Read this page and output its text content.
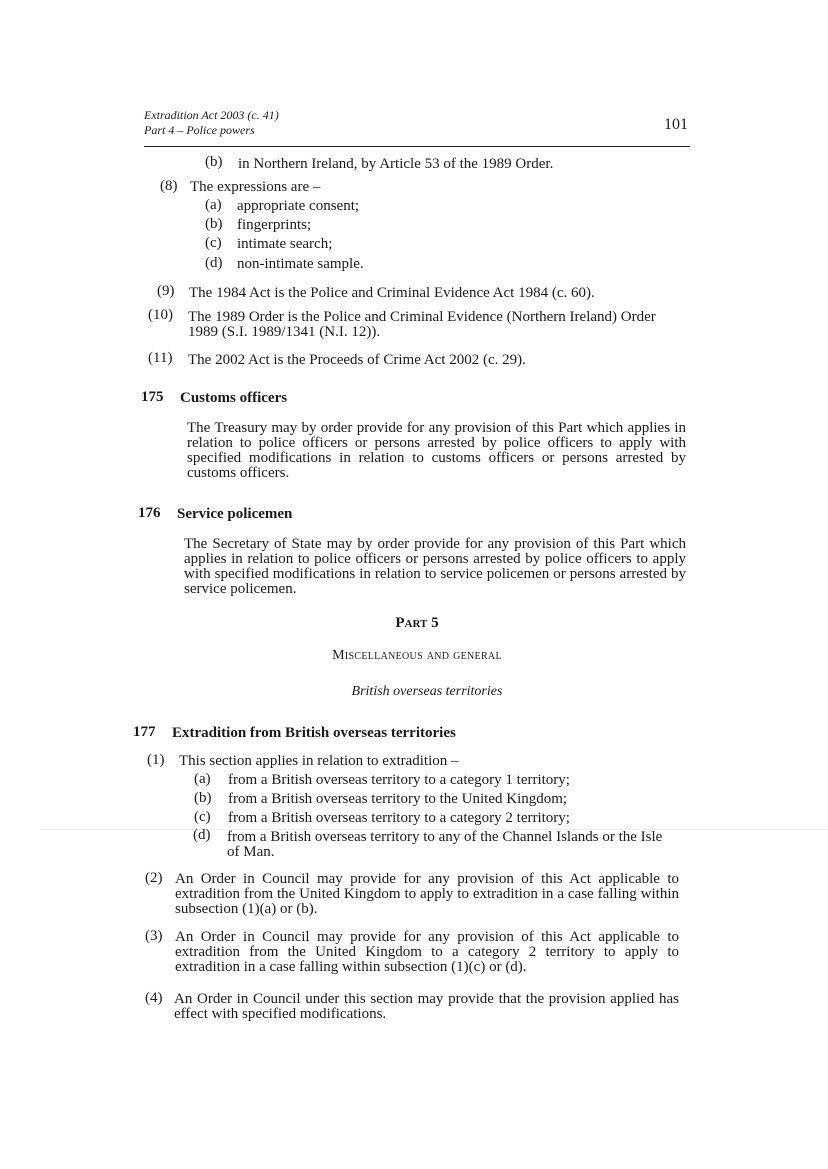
Extradition Act 2003 (c. 41)
Part 4 – Police powers	101
(b) in Northern Ireland, by Article 53 of the 1989 Order.
(8) The expressions are –
(a) appropriate consent;
(b) fingerprints;
(c) intimate search;
(d) non-intimate sample.
(9) The 1984 Act is the Police and Criminal Evidence Act 1984 (c. 60).
(10) The 1989 Order is the Police and Criminal Evidence (Northern Ireland) Order
1989 (S.I. 1989/1341 (N.I. 12)).
(11) The 2002 Act is the Proceeds of Crime Act 2002 (c. 29).
175 Customs officers
The Treasury may by order provide for any provision of this Part which applies in relation to police officers or persons arrested by police officers to apply with specified modifications in relation to customs officers or persons arrested by customs officers.
176 Service policemen
The Secretary of State may by order provide for any provision of this Part which applies in relation to police officers or persons arrested by police officers to apply with specified modifications in relation to service policemen or persons arrested by service policemen.
Part 5
Miscellaneous and general
British overseas territories
177 Extradition from British overseas territories
(1) This section applies in relation to extradition –
(a) from a British overseas territory to a category 1 territory;
(b) from a British overseas territory to the United Kingdom;
(c) from a British overseas territory to a category 2 territory;
(d) from a British overseas territory to any of the Channel Islands or the Isle
of Man.
(2) An Order in Council may provide for any provision of this Act applicable to extradition from the United Kingdom to apply to extradition in a case falling within subsection (1)(a) or (b).
(3) An Order in Council may provide for any provision of this Act applicable to extradition from the United Kingdom to a category 2 territory to apply to extradition in a case falling within subsection (1)(c) or (d).
(4) An Order in Council under this section may provide that the provision applied has effect with specified modifications.
